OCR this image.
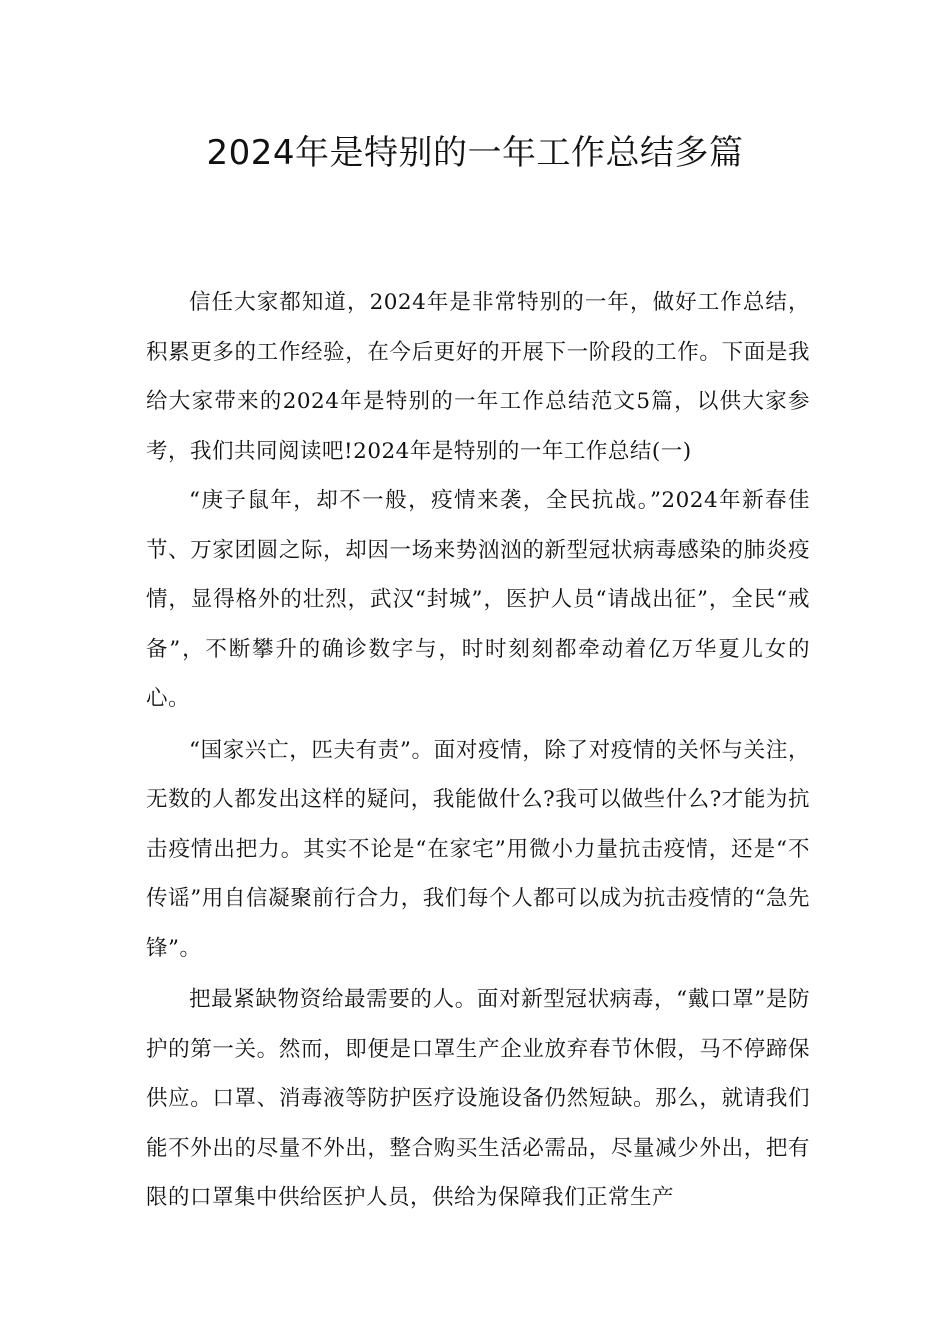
2024年是特别的一年工作总结多篇

信任大家都知道，2024年是非常特别的一年，做好工作总结，积累更多的工作经验，在今后更好的开展下一阶段的工作。下面是我给大家带来的2024年是特别的一年工作总结范文5篇，以供大家参考，我们共同阅读吧!2024年是特别的一年工作总结(一)

“庚子鼠年，却不一般，疫情来袭，全民抗战。”2024年新春佳节、万家团圆之际，却因一场来势汹汹的新型冠状病毒感染的肺炎疫情，显得格外的壮烈，武汉“封城”，医护人员“请战出征”，全民“戒备”，不断攀升的确诊数字与，时时刻刻都牵动着亿万华夏儿女的心。

“国家兴亡，匹夫有责”。面对疫情，除了对疫情的关怀与关注，无数的人都发出这样的疑问，我能做什么?我可以做些什么?才能为抗击疫情出把力。其实不论是“在家宅”用微小力量抗击疫情，还是“不传谣”用自信凝聚前行合力，我们每个人都可以成为抗击疫情的“急先锋”。

把最紧缺物资给最需要的人。面对新型冠状病毒，“戴口罩”是防护的第一关。然而，即便是口罩生产企业放弃春节休假，马不停蹄保供应。口罩、消毒液等防护医疗设施设备仍然短缺。那么，就请我们能不外出的尽量不外出，整合购买生活必需品，尽量减少外出，把有限的口罩集中供给医护人员，供给为保障我们正常生产
